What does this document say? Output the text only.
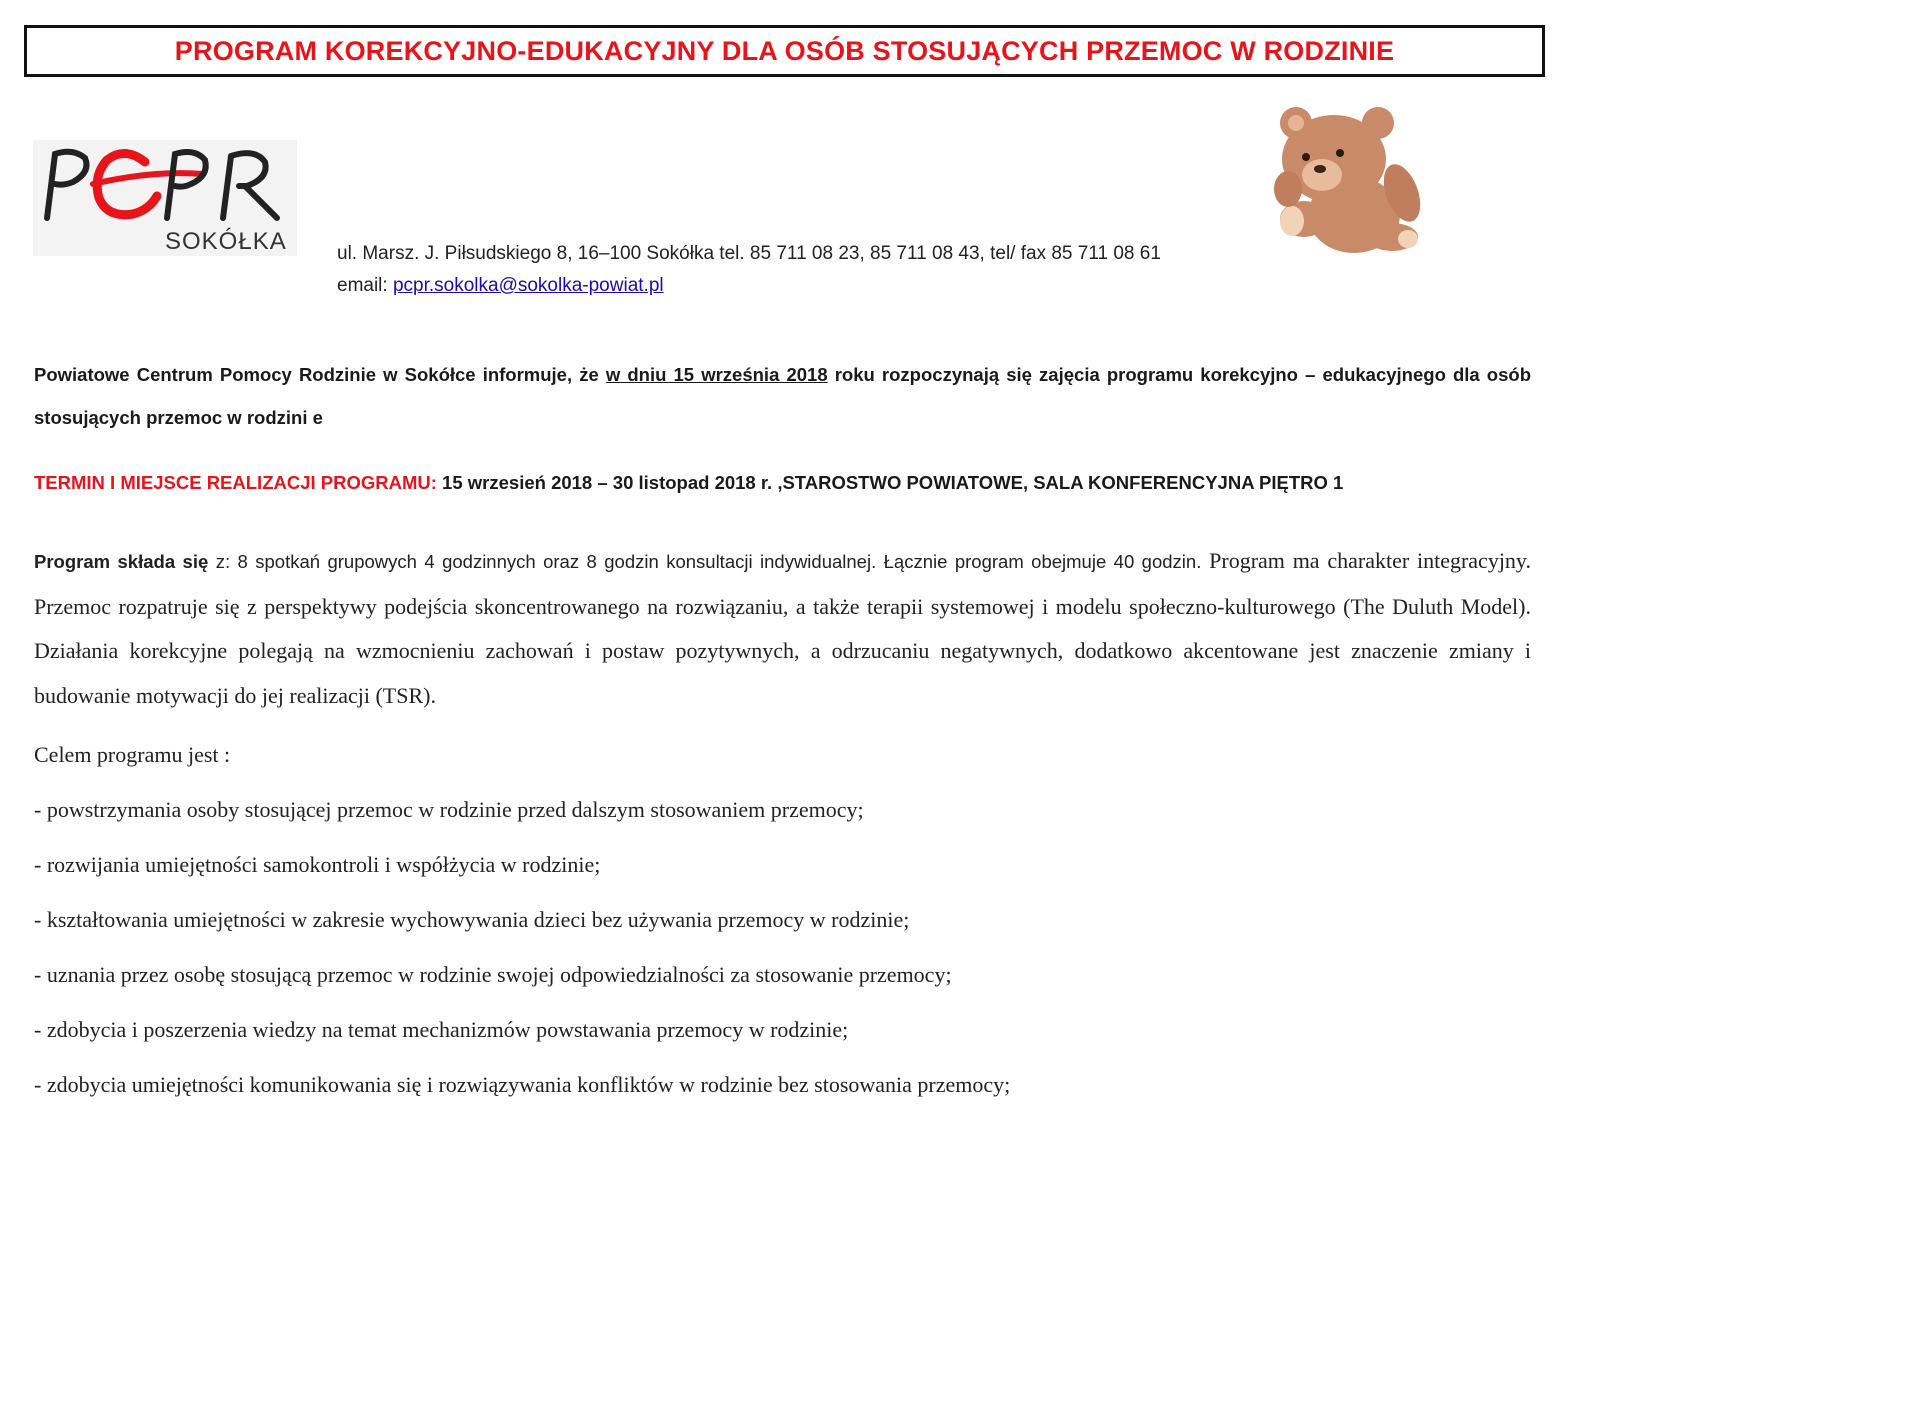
PROGRAM KOREKCYJNO-EDUKACYJNY DLA OSÓB STOSUJĄCYCH PRZEMOC W RODZINIE
SOKÓŁKA	ul. Marsz. J. Piłsudskiego 8, 16–100 Sokółka tel. 85 711 08 23, 85 711 08 43, tel/ fax 85 711 08 61
email: pcpr.sokolka@sokolka-powiat.pl
Powiatowe Centrum Pomocy Rodzinie w Sokółce informuje, że w dniu 15 września 2018 roku rozpoczynają się zajęcia programu korekcyjno – edukacyjnego dla osób stosujących przemoc w rodzini e
TERMIN I MIEJSCE REALIZACJI PROGRAMU: 15 wrzesień 2018 – 30 listopad 2018 r. ,STAROSTWO POWIATOWE, SALA KONFERENCYJNA PIĘTRO 1
Program składa się z: 8 spotkań grupowych 4 godzinnych oraz 8 godzin konsultacji indywidualnej. Łącznie program obejmuje 40 godzin. Program ma charakter integracyjny. Przemoc rozpatruje się z perspektywy podejścia skoncentrowanego na rozwiązaniu, a także terapii systemowej i modelu społeczno-kulturowego (The Duluth Model). Działania korekcyjne polegają na wzmocnieniu zachowań i postaw pozytywnych, a odrzucaniu negatywnych, dodatkowo akcentowane jest znaczenie zmiany i budowanie motywacji do jej realizacji (TSR).
Celem programu jest :
- powstrzymania osoby stosującej przemoc w rodzinie przed dalszym stosowaniem przemocy;
- rozwijania umiejętności samokontroli i współżycia w rodzinie;
- kształtowania umiejętności w zakresie wychowywania dzieci bez używania przemocy w rodzinie;
- uznania przez osobę stosującą przemoc w rodzinie swojej odpowiedzialności za stosowanie przemocy;
- zdobycia i poszerzenia wiedzy na temat mechanizmów powstawania przemocy w rodzinie;
- zdobycia umiejętności komunikowania się i rozwiązywania konfliktów w rodzinie bez stosowania przemocy;
